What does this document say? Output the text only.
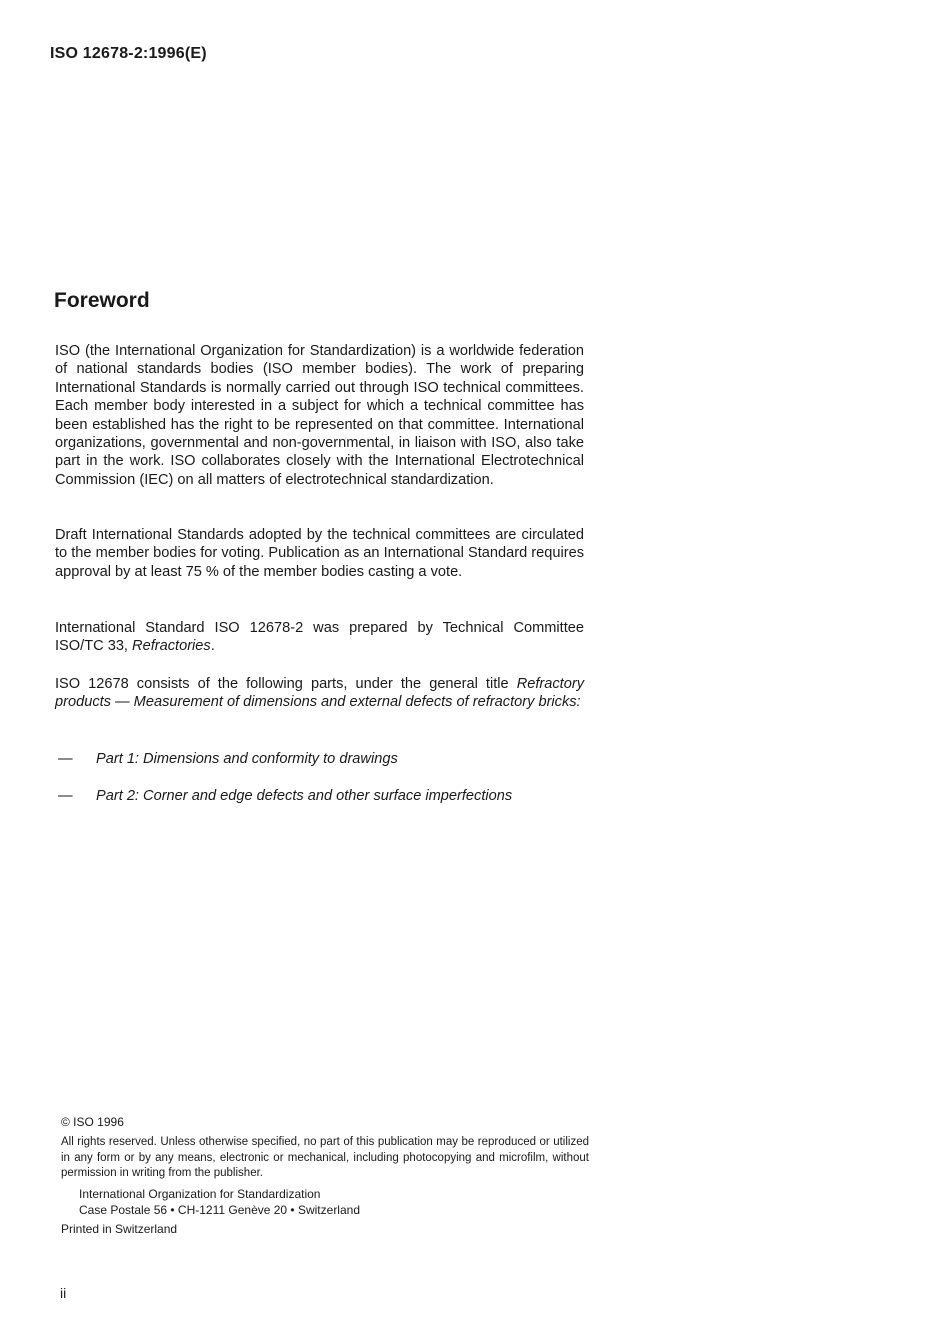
ISO 12678-2:1996(E)
Foreword

ISO (the International Organization for Standardization) is a worldwide federation of national standards bodies (ISO member bodies). The work of preparing International Standards is normally carried out through ISO technical committees. Each member body interested in a subject for which a technical committee has been established has the right to be represented on that committee. International organizations, governmental and non-governmental, in liaison with ISO, also take part in the work. ISO collaborates closely with the International Electrotechnical Commission (IEC) on all matters of electrotechnical standardization.

Draft International Standards adopted by the technical committees are circulated to the member bodies for voting. Publication as an International Standard requires approval by at least 75 % of the member bodies casting a vote.

International Standard ISO 12678-2 was prepared by Technical Committee ISO/TC 33, Refractories.

ISO 12678 consists of the following parts, under the general title Refractory products — Measurement of dimensions and external defects of refractory bricks:

— Part 1: Dimensions and conformity to drawings
— Part 2: Corner and edge defects and other surface imperfections
© ISO 1996

All rights reserved. Unless otherwise specified, no part of this publication may be reproduced or utilized in any form or by any means, electronic or mechanical, including photocopying and microfilm, without permission in writing from the publisher.

International Organization for Standardization
Case Postale 56 • CH-1211 Genève 20 • Switzerland
Printed in Switzerland
ii
